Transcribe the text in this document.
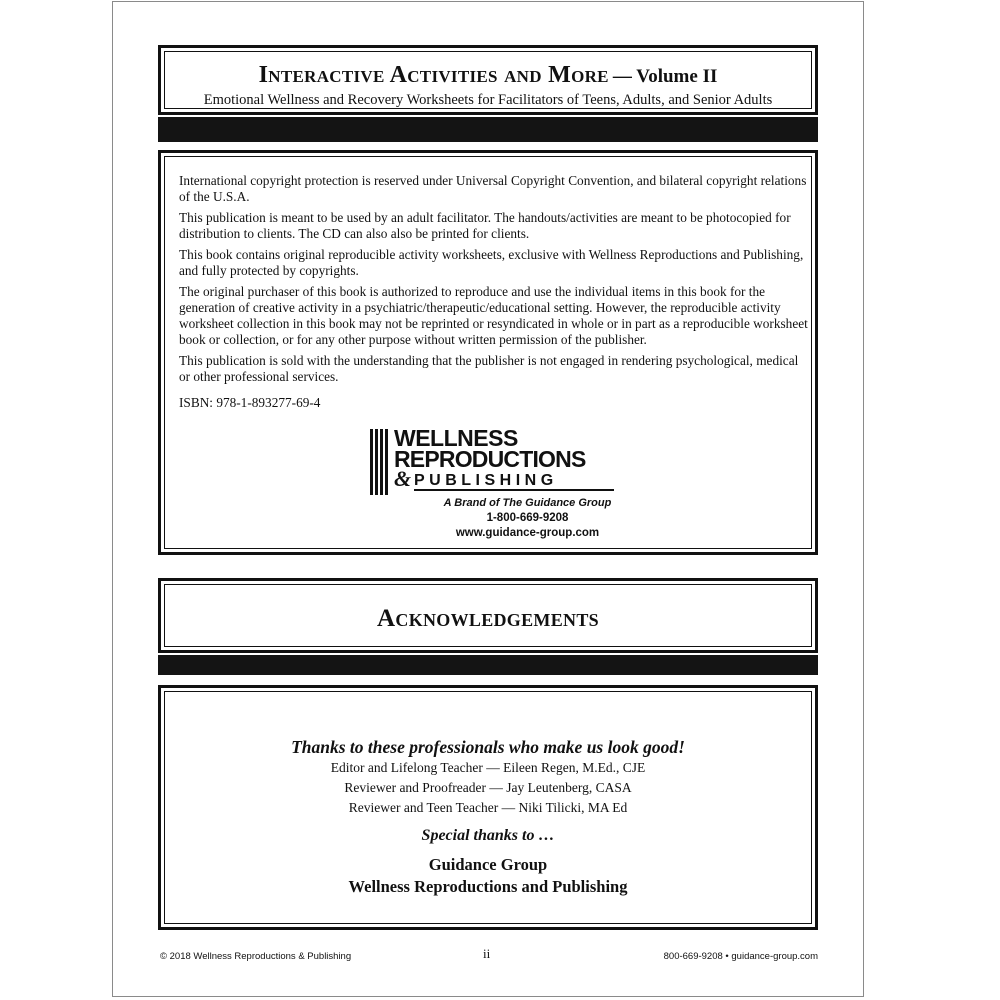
Interactive Activities and More — Volume II
Emotional Wellness and Recovery Worksheets for Facilitators of Teens, Adults, and Senior Adults

International copyright protection is reserved under Universal Copyright Convention, and bilateral copyright relations of the U.S.A.

This publication is meant to be used by an adult facilitator. The handouts/activities are meant to be photocopied for distribution to clients. The CD can also also be printed for clients.

This book contains original reproducible activity worksheets, exclusive with Wellness Reproductions and Publishing, and fully protected by copyrights.

The original purchaser of this book is authorized to reproduce and use the individual items in this book for the generation of creative activity in a psychiatric/therapeutic/educational setting. However, the reproducible activity worksheet collection in this book may not be reprinted or resyndicated in whole or in part as a reproducible worksheet book or collection, or for any other purpose without written permission of the publisher.

This publication is sold with the understanding that the publisher is not engaged in rendering psychological, medical or other professional services.

ISBN: 978-1-893277-69-4
WELLNESS
REPRODUCTIONS
& PUBLISHING
A Brand of The Guidance Group
1-800-669-9208
www.guidance-group.com
Acknowledgements
Thanks to these professionals who make us look good!
Editor and Lifelong Teacher — Eileen Regen, M.Ed., CJE
Reviewer and Proofreader — Jay Leutenberg, CASA
Reviewer and Teen Teacher — Niki Tilicki, MA Ed
Special thanks to …
Guidance Group
Wellness Reproductions and Publishing
© 2018 Wellness Reproductions & Publishing	ii	800-669-9208 • guidance-group.com
